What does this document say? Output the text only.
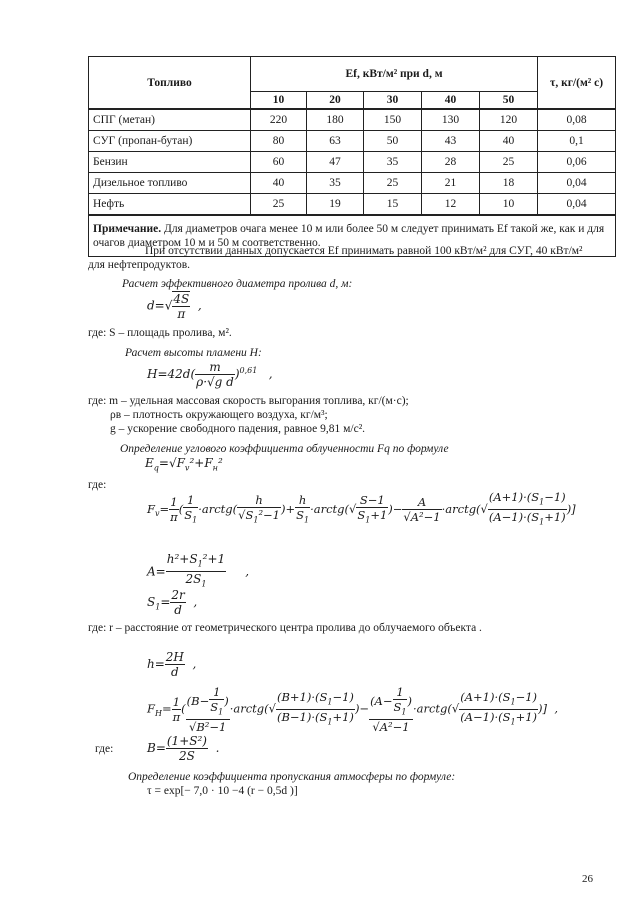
Топливо	Ef, кВт/м² при d, м					τ, кг/(м² с)
	10	20	30	40	50	
СПГ (метан)	220	180	150	130	120	0,08
СУГ (пропан-бутан)	80	63	50	43	40	0,1
Бензин	60	47	35	28	25	0,06
Дизельное топливо	40	35	25	21	18	0,04
Нефть	25	19	15	12	10	0,04
Примечание. Для диаметров очага менее 10 м или более 50 м следует принимать Ef такой же, как и для очагов диаметром 10 м и 50 м соответственно.						
При отсутствии данных допускается Ef принимать равной 100 кВт/м² для СУГ, 40 кВт/м²
для нефтепродуктов.
Расчет эффективного диаметра пролива d, м:
$d=√ \frac{4S}{\pi}$ ,
где: S – площадь пролива, м².
Расчет высоты пламени H:
$H=42d( \frac{m}{\text{ρ·√g d}} )^{0,61}$   ,
где: m – удельная массовая скорость выгорания топлива, кг/(м·с);
ρв – плотность окружающего воздуха, кг/м³;
g – ускорение свободного падения, равное 9,81 м/с².
Определение углового коэффициента облученности Fq по формуле
$E_q=√F_v^2+F_н^2$
где:
$F_v= \frac{1}{\pi}$ ( $\frac{1}{S_1}$ ·arctg( $\frac{h}{√S_1^2-1}$ )+ $\frac{h}{S_1}$ ·arctg(√ $\frac{S-1}{S_1+1}$ )− $\frac{A}{\text{√A²−1}}$ ·arctg(√ $\frac{(A+1)\cdot(S_1-1)}{(A-1)\cdot(S_1+1)}$ )]
$A= \frac{h^2+S_1^2+1}{2S_1}$ ,
$S_1= \frac{2r}{d}$ ,
где: r – расстояние от геометрического центра пролива до облучаемого объекта .
$h= \frac{2H}{d}$ ,
$F_H= \frac{1}{\pi}$ ( $\frac{(B- \frac{1}{S_1} )}{\text{√B²−1}}$ ·arctg(√ $\frac{(B+1)\cdot(S_1-1)}{(B-1)\cdot(S_1+1)}$ )− $\frac{(A- \frac{1}{S_1} )}{\text{√A²−1}}$ ·arctg(√ $\frac{(A+1)\cdot(S_1-1)}{(A-1)\cdot(S_1+1)}$ )]  ,
где:	$B= \frac{\text{(1+S²)}}{2S}$ .
Определение коэффициента пропускания атмосферы по формуле:
τ = exp[− 7,0 · 10 −4 (r − 0,5d )]
26
